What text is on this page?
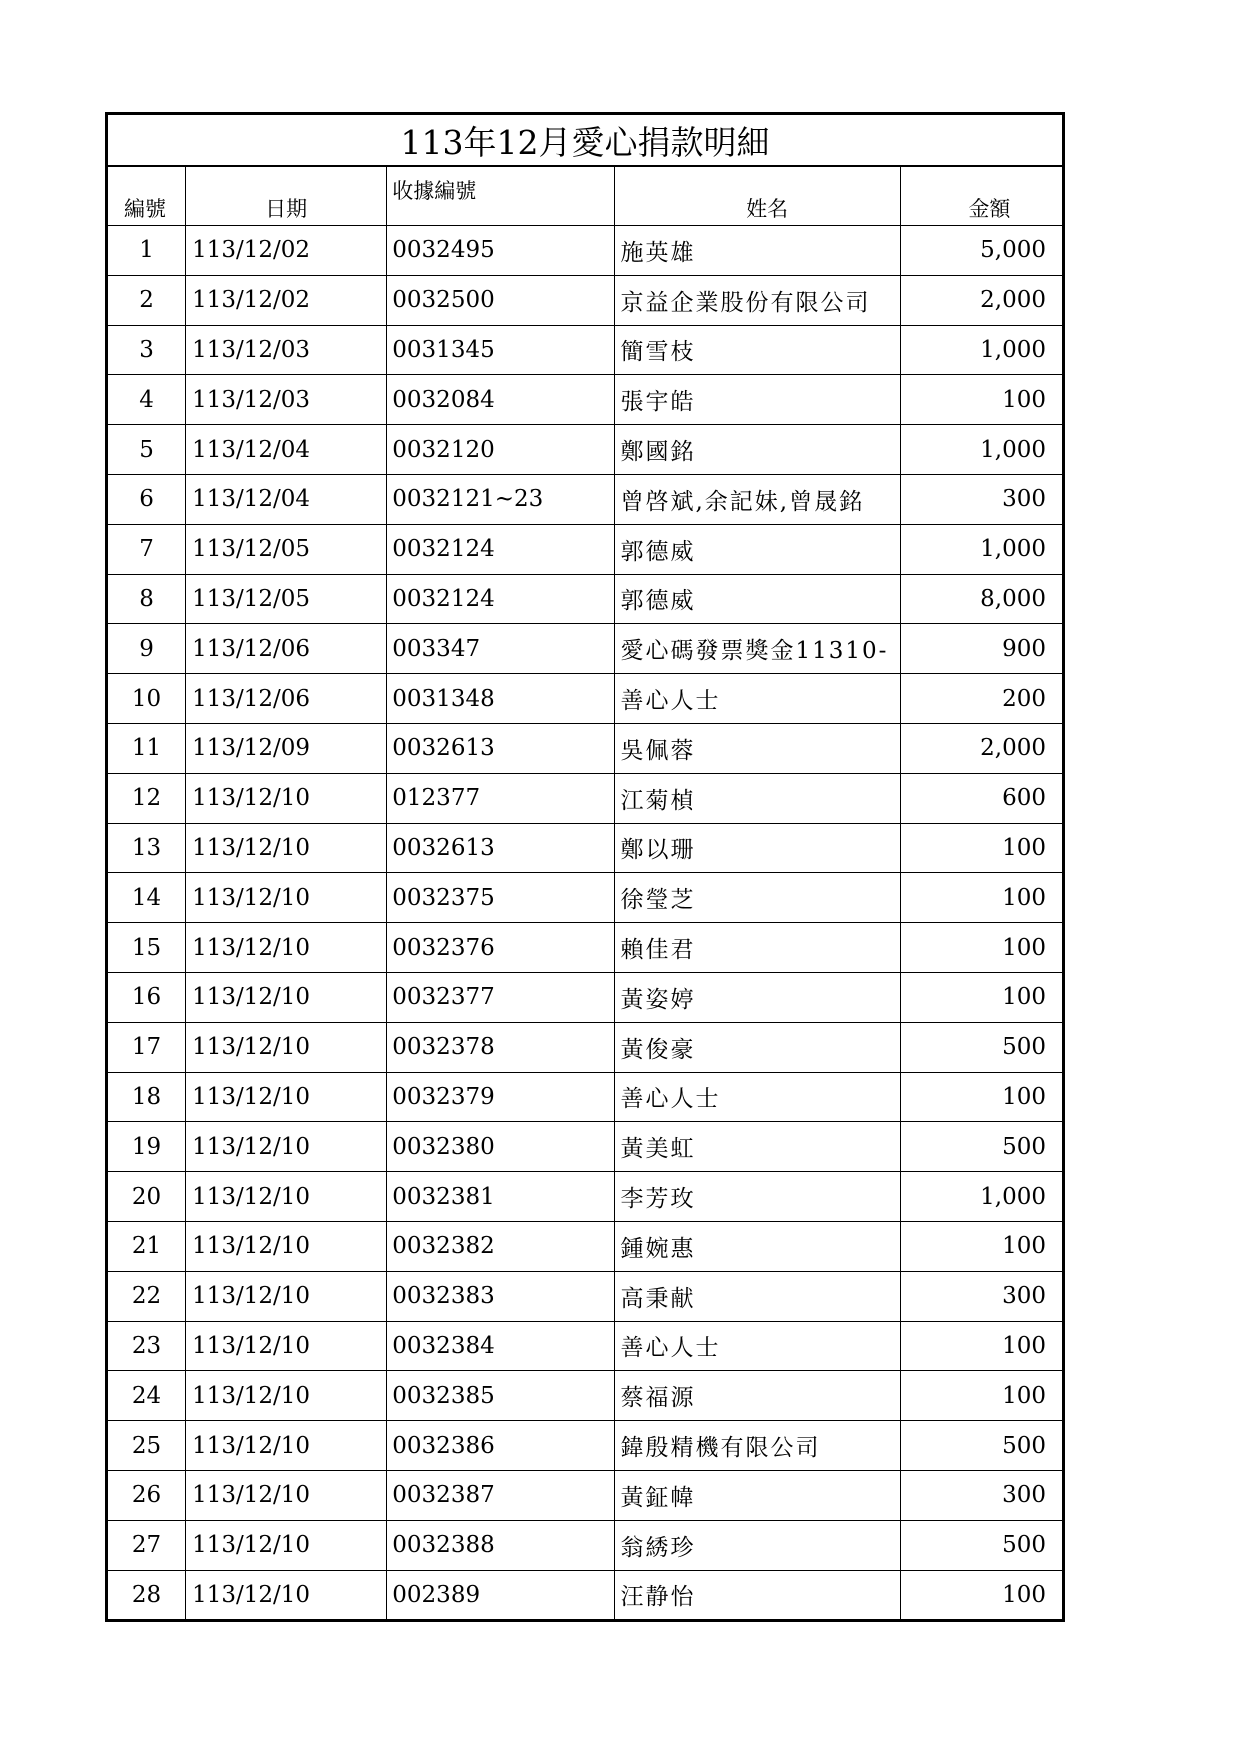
113年12月愛心捐款明細				
編號	日期	收據編號	姓名	金額
1	113/12/02	0032495	施英雄	5,000
2	113/12/02	0032500	京益企業股份有限公司	2,000
3	113/12/03	0031345	簡雪枝	1,000
4	113/12/03	0032084	張宇皓	100
5	113/12/04	0032120	鄭國銘	1,000
6	113/12/04	0032121~23	曾啓斌,余記妹,曾晟銘	300
7	113/12/05	0032124	郭德威	1,000
8	113/12/05	0032124	郭德威	8,000
9	113/12/06	003347	愛心碼發票獎金11310-	900
10	113/12/06	0031348	善心人士	200
11	113/12/09	0032613	吳佩蓉	2,000
12	113/12/10	012377	江菊楨	600
13	113/12/10	0032613	鄭以珊	100
14	113/12/10	0032375	徐瑩芝	100
15	113/12/10	0032376	賴佳君	100
16	113/12/10	0032377	黃姿婷	100
17	113/12/10	0032378	黃俊豪	500
18	113/12/10	0032379	善心人士	100
19	113/12/10	0032380	黃美虹	500
20	113/12/10	0032381	李芳玫	1,000
21	113/12/10	0032382	鍾婉惠	100
22	113/12/10	0032383	高秉献	300
23	113/12/10	0032384	善心人士	100
24	113/12/10	0032385	蔡福源	100
25	113/12/10	0032386	鍏殷精機有限公司	500
26	113/12/10	0032387	黃鉦幃	300
27	113/12/10	0032388	翁綉珍	500
28	113/12/10	002389	汪静怡	100
